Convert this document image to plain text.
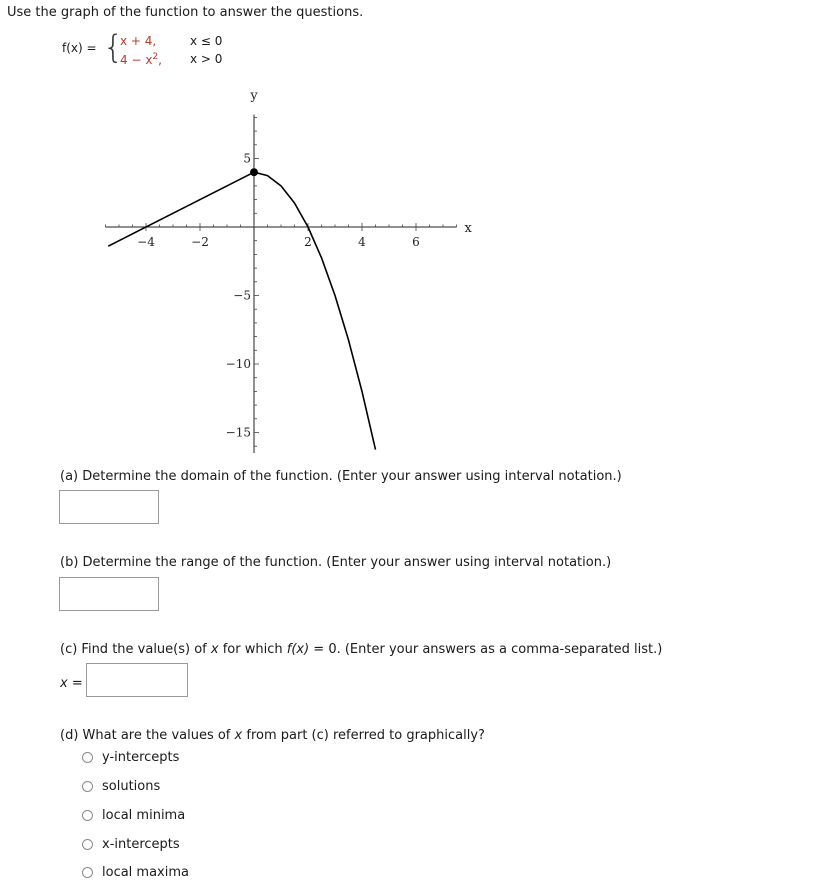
Use the graph of the function to answer the questions.
f(x) = {
x + 4,	x ≤ 0
$4 - x^2$, x > 0
−4	−2	2	4	6
5
−5
−10
−15
x
y
(a) Determine the domain of the function. (Enter your answer using interval notation.)
(b) Determine the range of the function. (Enter your answer using interval notation.)
(c) Find the value(s) of x for which f(x) = 0. (Enter your answers as a comma-separated list.)
x =
(d) What are the values of x from part (c) referred to graphically?
y-intercepts
solutions
local minima
x-intercepts
local maxima
